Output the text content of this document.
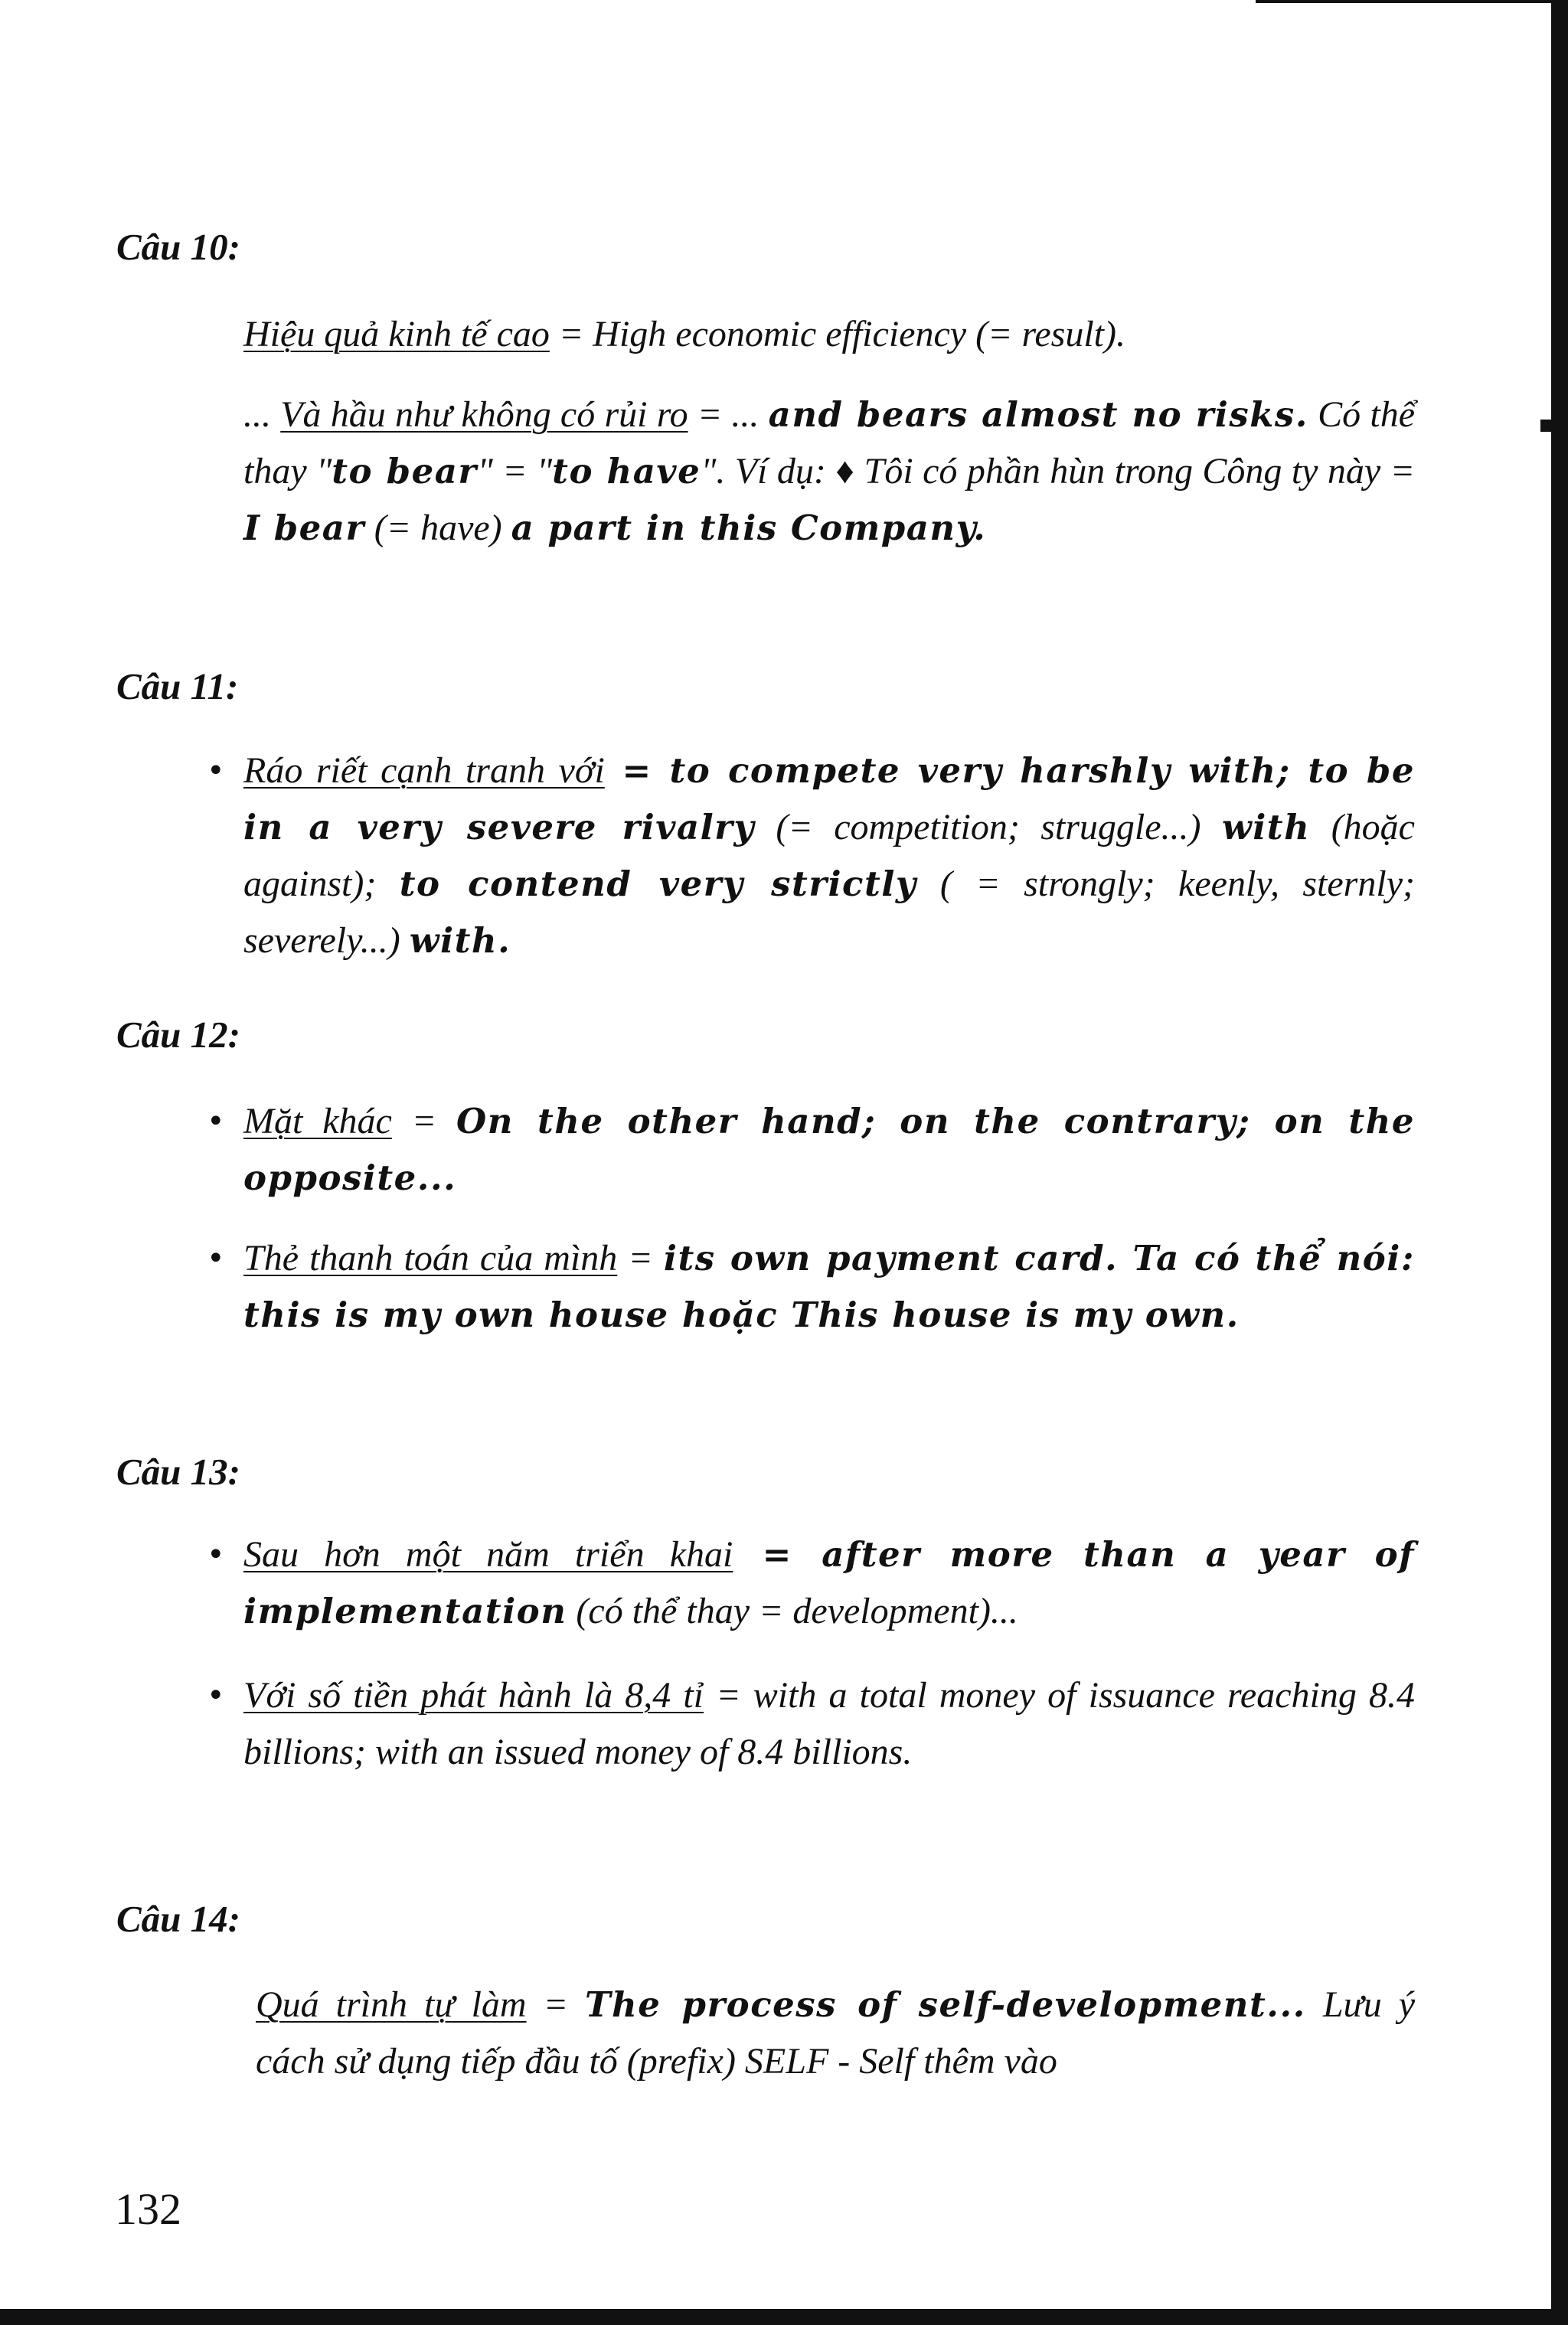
Câu 10:

Hiệu quả kinh tế cao = High economic efficiency (= result).

... Và hầu như không có rủi ro = ... and bears almost no risks. Có thể thay "to bear" = "to have". Ví dụ: ♦ Tôi có phần hùn trong Công ty này = I bear (= have) a part in this Company.

Câu 11:
• Ráo riết cạnh tranh với = to compete very harshly with; to be in a very severe rivalry (= competition; struggle...) with (hoặc against); to contend very strictly ( = strongly; keenly, sternly; severely...) with.

Câu 12:
• Mặt khác = On the other hand; on the contrary; on the opposite...

• Thẻ thanh toán của mình = its own payment card. Ta có thể nói: this is my own house hoặc This house is my own.

Câu 13:
• Sau hơn một năm triển khai = after more than a year of implementation (có thể thay = development)...

• Với số tiền phát hành là 8,4 tỉ = with a total money of issuance reaching 8.4 billions; with an issued money of 8.4 billions.

Câu 14:

Quá trình tự làm = The process of self-development... Lưu ý cách sử dụng tiếp đầu tố (prefix) SELF - Self thêm vào

132
